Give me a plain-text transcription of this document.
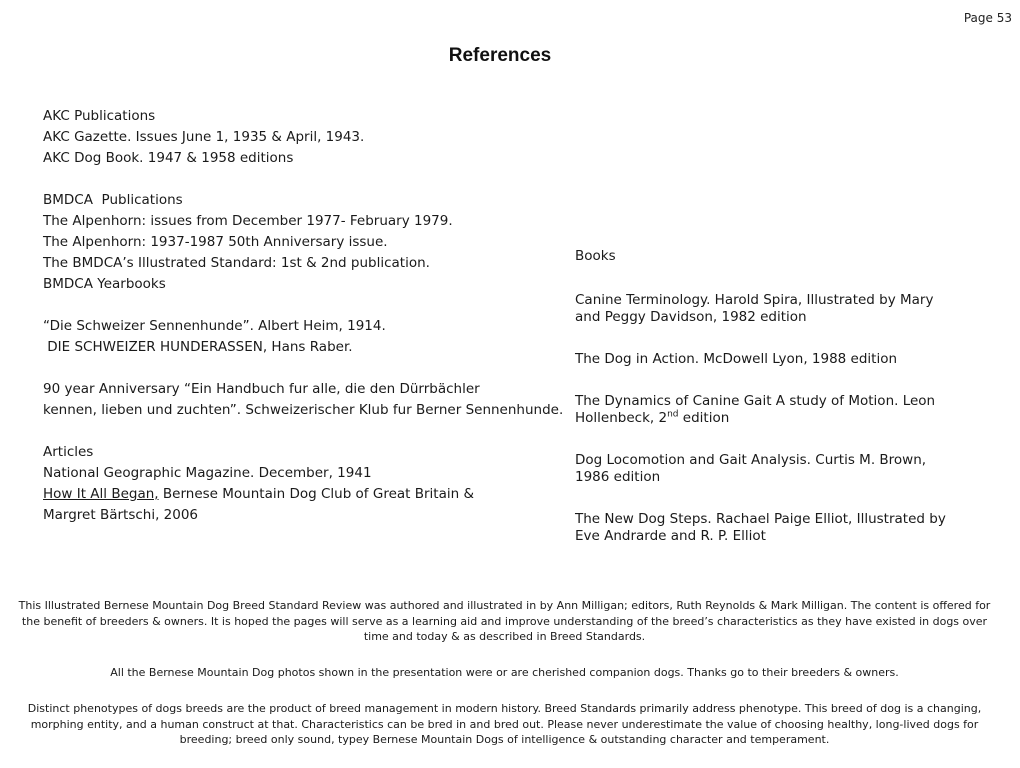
Page 53
References
AKC Publications
AKC Gazette. Issues June 1, 1935 & April, 1943.
AKC Dog Book. 1947 & 1958 editions
BMDCA  Publications
The Alpenhorn: issues from December 1977- February 1979.
The Alpenhorn: 1937-1987 50th Anniversary issue.
The BMDCA’s Illustrated Standard: 1st & 2nd publication.
BMDCA Yearbooks
“Die Schweizer Sennenhunde”. Albert Heim, 1914.
DIE SCHWEIZER HUNDERASSEN, Hans Raber.
90 year Anniversary “Ein Handbuch fur alle, die den Dürrbächler
kennen, lieben und zuchten”. Schweizerischer Klub fur Berner Sennenhunde.
Articles
National Geographic Magazine. December, 1941
How It All Began, Bernese Mountain Dog Club of Great Britain &
Margret Bärtschi, 2006
Books
Canine Terminology. Harold Spira, Illustrated by Mary and Peggy Davidson, 1982 edition
The Dog in Action. McDowell Lyon, 1988 edition
The Dynamics of Canine Gait A study of Motion. Leon Hollenbeck, 2nd edition
Dog Locomotion and Gait Analysis. Curtis M. Brown, 1986 edition
The New Dog Steps. Rachael Paige Elliot, Illustrated by Eve Andrarde and R. P. Elliot
This Illustrated Bernese Mountain Dog Breed Standard Review was authored and illustrated in by Ann Milligan; editors, Ruth Reynolds & Mark Milligan. The content is offered for the benefit of breeders & owners. It is hoped the pages will serve as a learning aid and improve understanding of the breed’s characteristics as they have existed in dogs over time and today & as described in Breed Standards.
All the Bernese Mountain Dog photos shown in the presentation were or are cherished companion dogs. Thanks go to their breeders & owners.
Distinct phenotypes of dogs breeds are the product of breed management in modern history. Breed Standards primarily address phenotype. This breed of dog is a changing, morphing entity, and a human construct at that. Characteristics can be bred in and bred out. Please never underestimate the value of choosing healthy, long-lived dogs for breeding; breed only sound, typey Bernese Mountain Dogs of intelligence & outstanding character and temperament.
